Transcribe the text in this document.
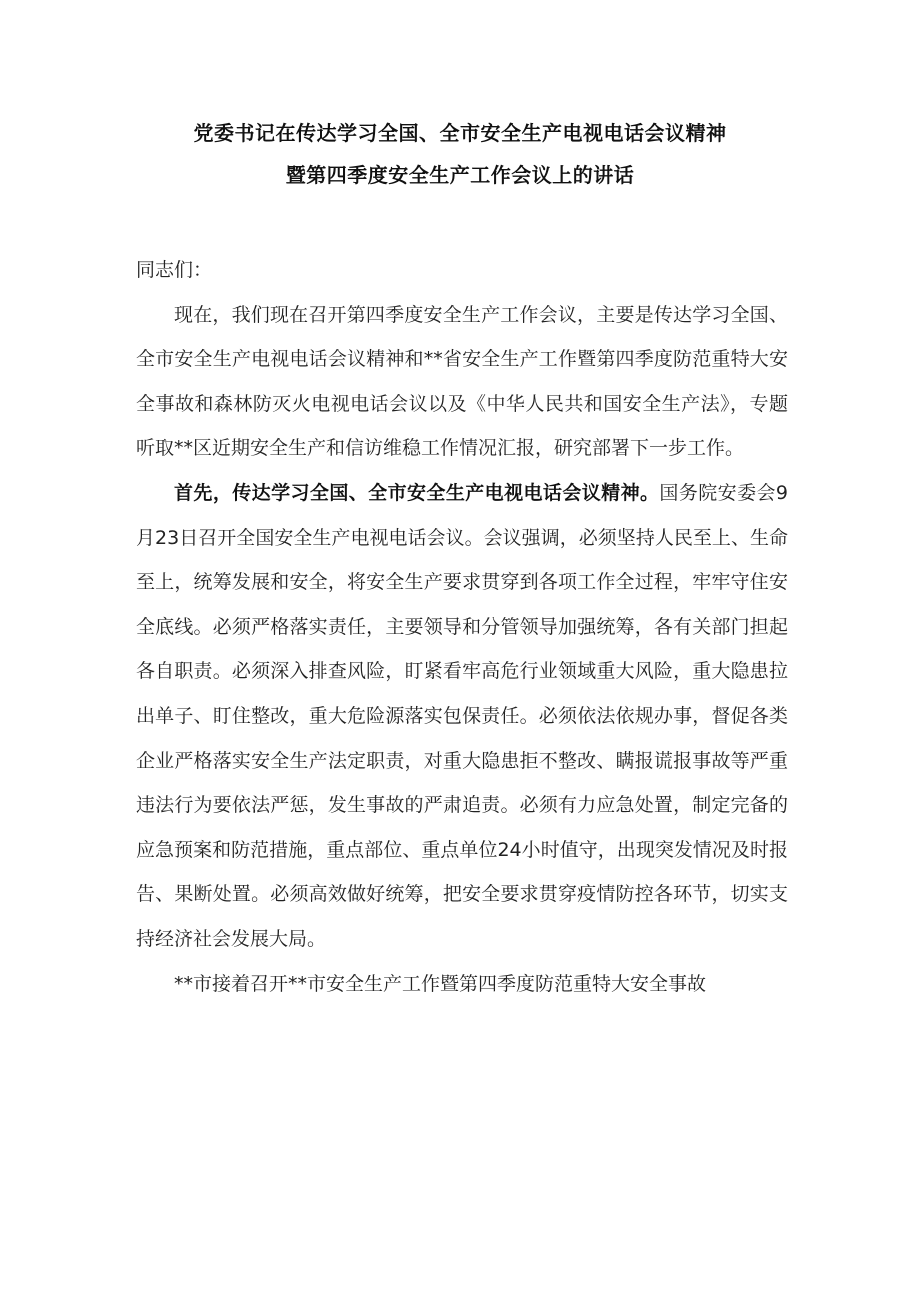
党委书记在传达学习全国、全市安全生产电视电话会议精神
暨第四季度安全生产工作会议上的讲话

同志们：

现在，我们现在召开第四季度安全生产工作会议，主要是传达学习全国、全市安全生产电视电话会议精神和**省安全生产工作暨第四季度防范重特大安全事故和森林防灭火电视电话会议以及《中华人民共和国安全生产法》，专题听取**区近期安全生产和信访维稳工作情况汇报，研究部署下一步工作。

首先，传达学习全国、全市安全生产电视电话会议精神。国务院安委会9月23日召开全国安全生产电视电话会议。会议强调，必须坚持人民至上、生命至上，统筹发展和安全，将安全生产要求贯穿到各项工作全过程，牢牢守住安全底线。必须严格落实责任，主要领导和分管领导加强统筹，各有关部门担起各自职责。必须深入排查风险，盯紧看牢高危行业领域重大风险，重大隐患拉出单子、盯住整改，重大危险源落实包保责任。必须依法依规办事，督促各类企业严格落实安全生产法定职责，对重大隐患拒不整改、瞒报谎报事故等严重违法行为要依法严惩，发生事故的严肃追责。必须有力应急处置，制定完备的应急预案和防范措施，重点部位、重点单位24小时值守，出现突发情况及时报告、果断处置。必须高效做好统筹，把安全要求贯穿疫情防控各环节，切实支持经济社会发展大局。

**市接着召开**市安全生产工作暨第四季度防范重特大安全事故
